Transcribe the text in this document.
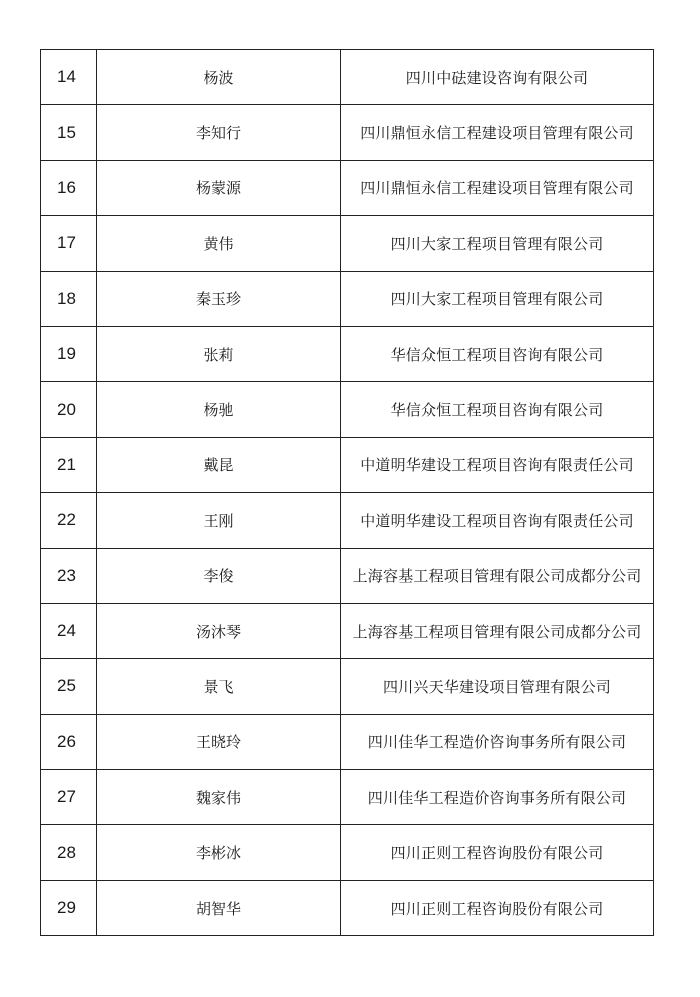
14	杨波	四川中砝建设咨询有限公司
15	李知行	四川鼎恒永信工程建设项目管理有限公司
16	杨蒙源	四川鼎恒永信工程建设项目管理有限公司
17	黄伟	四川大家工程项目管理有限公司
18	秦玉珍	四川大家工程项目管理有限公司
19	张莉	华信众恒工程项目咨询有限公司
20	杨驰	华信众恒工程项目咨询有限公司
21	戴昆	中道明华建设工程项目咨询有限责任公司
22	王刚	中道明华建设工程项目咨询有限责任公司
23	李俊	上海容基工程项目管理有限公司成都分公司
24	汤沐琴	上海容基工程项目管理有限公司成都分公司
25	景飞	四川兴天华建设项目管理有限公司
26	王晓玲	四川佳华工程造价咨询事务所有限公司
27	魏家伟	四川佳华工程造价咨询事务所有限公司
28	李彬冰	四川正则工程咨询股份有限公司
29	胡智华	四川正则工程咨询股份有限公司
